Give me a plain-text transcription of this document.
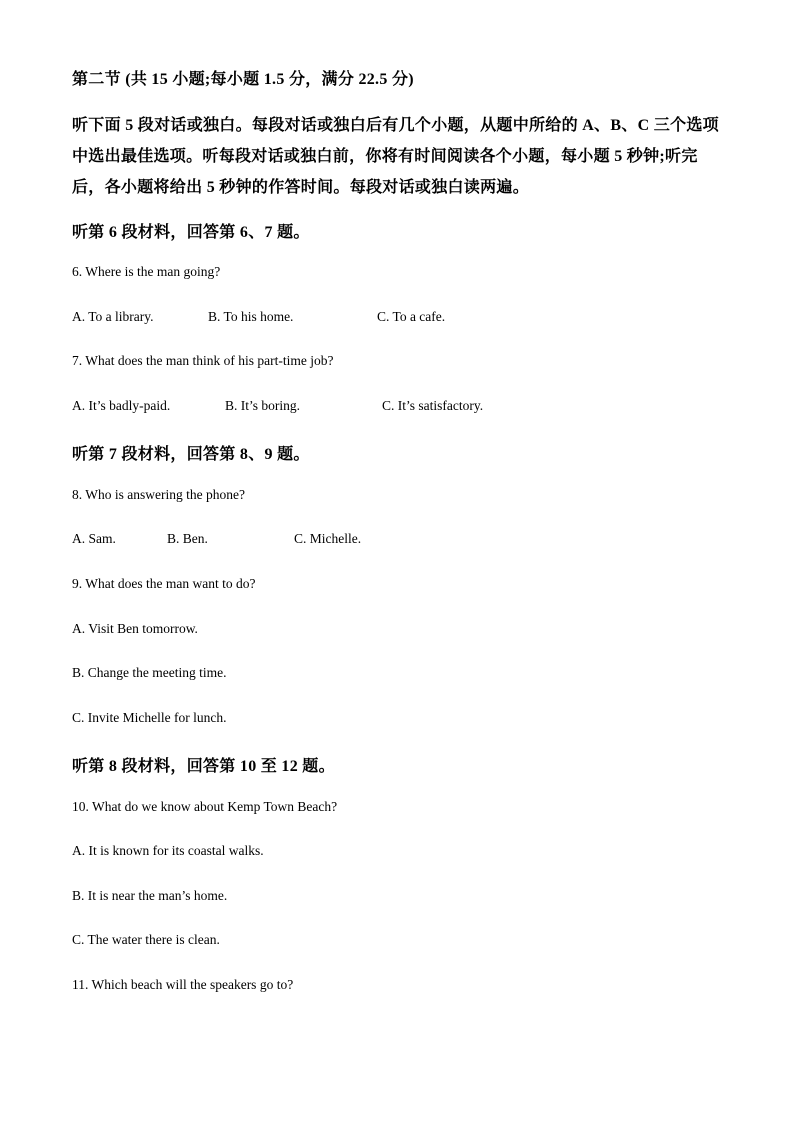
第二节 (共 15 小题;每小题 1.5 分，满分 22.5 分)
听下面 5 段对话或独白。每段对话或独白后有几个小题，从题中所给的 A、B、C 三个选项
中选出最佳选项。听每段对话或独白前，你将有时间阅读各个小题，每小题 5 秒钟;听完
后，各小题将给出 5 秒钟的作答时间。每段对话或独白读两遍。
听第 6 段材料，回答第 6、7 题。
6. Where is the man going?
A. To a library.	B. To his home.	C. To a cafe.
7. What does the man think of his part-time job?
A. It’s badly-paid.	B. It’s boring.	C. It’s satisfactory.
听第 7 段材料，回答第 8、9 题。
8. Who is answering the phone?
A. Sam.	B. Ben.	C. Michelle.
9. What does the man want to do?
A. Visit Ben tomorrow.
B. Change the meeting time.
C. Invite Michelle for lunch.
听第 8 段材料，回答第 10 至 12 题。
10. What do we know about Kemp Town Beach?
A. It is known for its coastal walks.
B. It is near the man’s home.
C. The water there is clean.
11. Which beach will the speakers go to?
